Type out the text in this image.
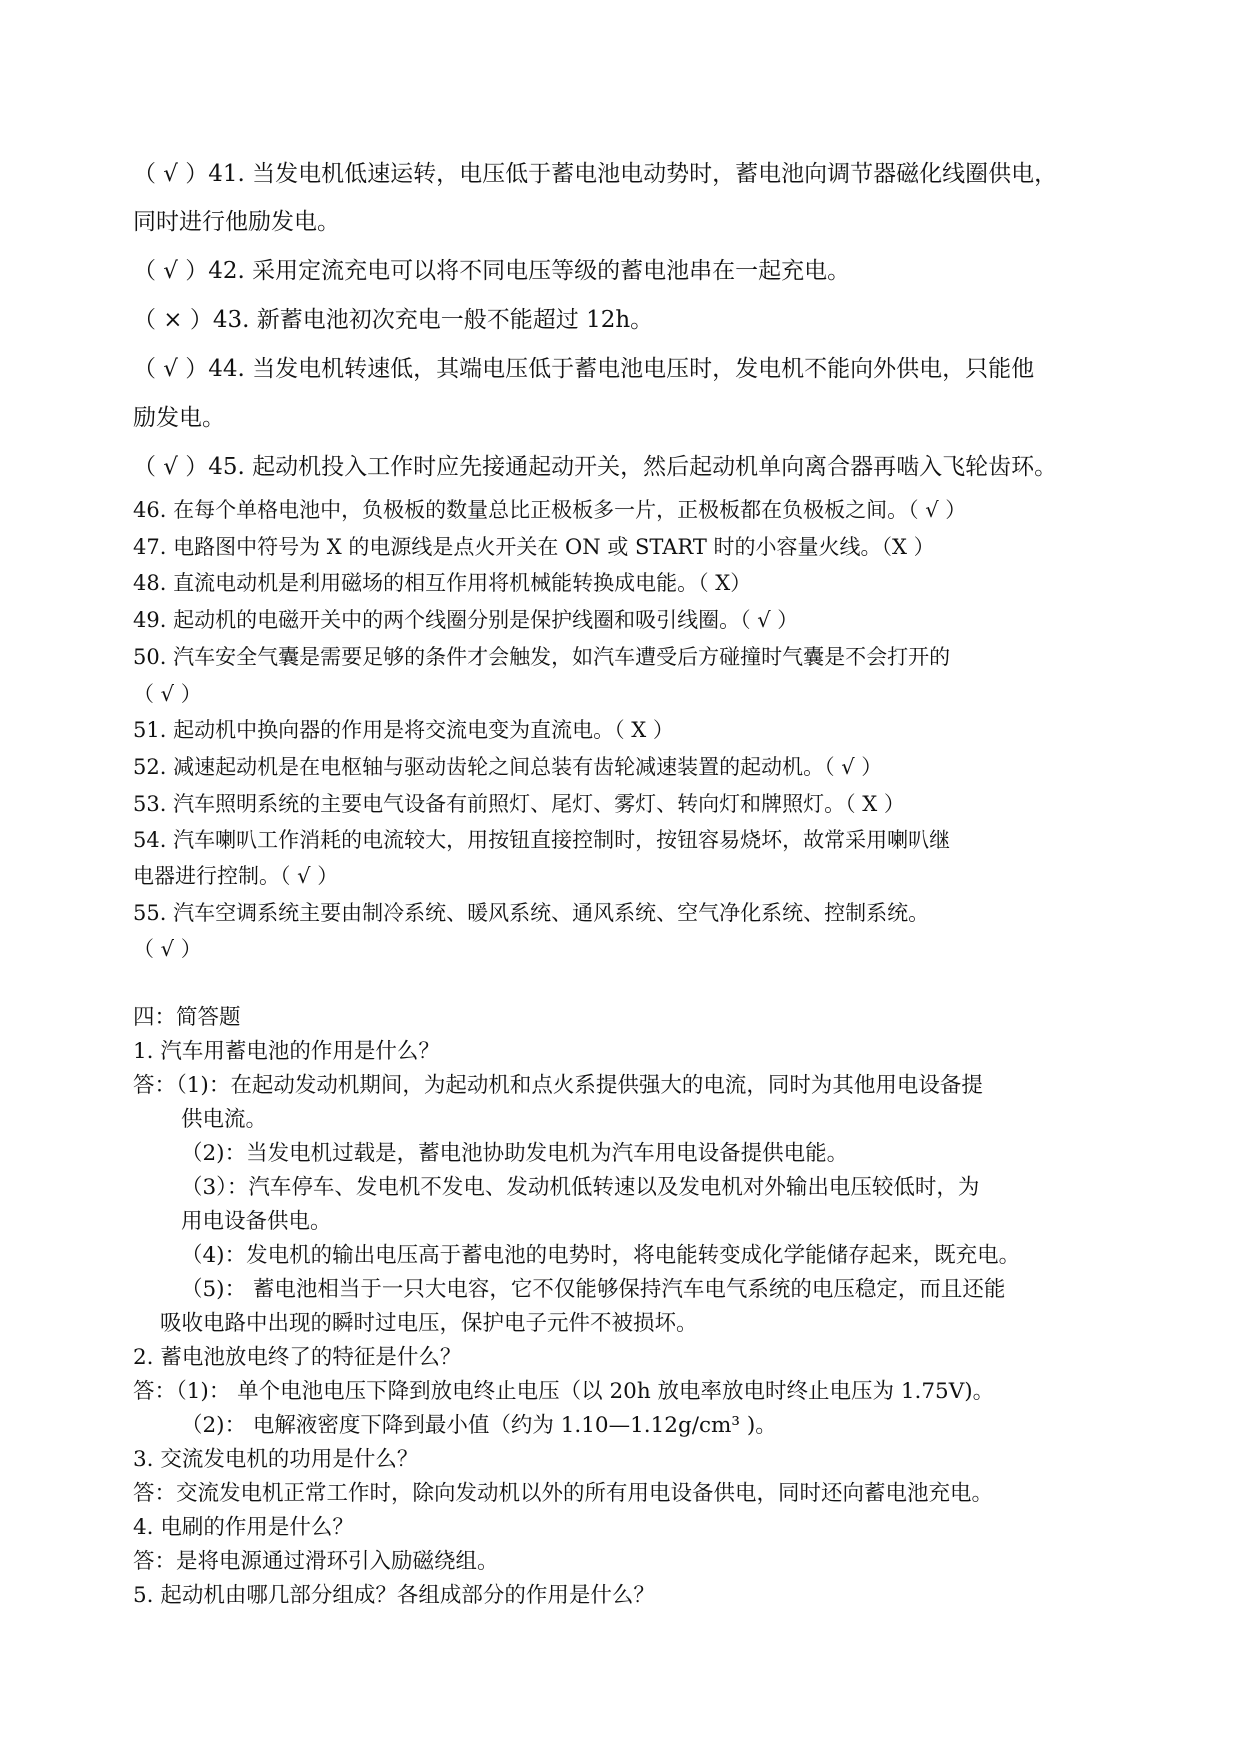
（ √ ）41. 当发电机低速运转，电压低于蓄电池电动势时，蓄电池向调节器磁化线圈供电，
同时进行他励发电。
（ √ ）42. 采用定流充电可以将不同电压等级的蓄电池串在一起充电。
（ × ）43. 新蓄电池初次充电一般不能超过 12h。
（ √ ）44. 当发电机转速低，其端电压低于蓄电池电压时，发电机不能向外供电，只能他
励发电。
（ √ ）45. 起动机投入工作时应先接通起动开关，然后起动机单向离合器再啮入飞轮齿环。
46. 在每个单格电池中，负极板的数量总比正极板多一片，正极板都在负极板之间。（ √ ）
47. 电路图中符号为 X 的电源线是点火开关在 ON 或 START 时的小容量火线。（X ）
48. 直流电动机是利用磁场的相互作用将机械能转换成电能。（ X）
49. 起动机的电磁开关中的两个线圈分别是保护线圈和吸引线圈。（ √ ）
50. 汽车安全气囊是需要足够的条件才会触发，如汽车遭受后方碰撞时气囊是不会打开的
（ √ ）
51. 起动机中换向器的作用是将交流电变为直流电。（ X ）
52. 减速起动机是在电枢轴与驱动齿轮之间总装有齿轮减速装置的起动机。（ √ ）
53. 汽车照明系统的主要电气设备有前照灯、尾灯、雾灯、转向灯和牌照灯。（ X ）
54. 汽车喇叭工作消耗的电流较大，用按钮直接控制时，按钮容易烧坏，故常采用喇叭继
电器进行控制。（ √ ）
55. 汽车空调系统主要由制冷系统、暖风系统、通风系统、空气净化系统、控制系统。
（ √ ）
四：简答题
1. 汽车用蓄电池的作用是什么？
答：（1)：在起动发动机期间，为起动机和点火系提供强大的电流，同时为其他用电设备提
供电流。
（2)：当发电机过载是，蓄电池协助发电机为汽车用电设备提供电能。
（3）：汽车停车、发电机不发电、发动机低转速以及发电机对外输出电压较低时，为
用电设备供电。
（4)：发电机的输出电压高于蓄电池的电势时，将电能转变成化学能储存起来，既充电。
（5)： 蓄电池相当于一只大电容，它不仅能够保持汽车电气系统的电压稳定，而且还能
吸收电路中出现的瞬时过电压，保护电子元件不被损坏。
2. 蓄电池放电终了的特征是什么？
答：（1)： 单个电池电压下降到放电终止电压（以 20h 放电率放电时终止电压为 1.75V)。
（2)： 电解液密度下降到最小值（约为 1.10—1.12g/cm³ )。
3. 交流发电机的功用是什么？
答：交流发电机正常工作时，除向发动机以外的所有用电设备供电，同时还向蓄电池充电。
4. 电刷的作用是什么？
答：是将电源通过滑环引入励磁绕组。
5. 起动机由哪几部分组成？各组成部分的作用是什么？
